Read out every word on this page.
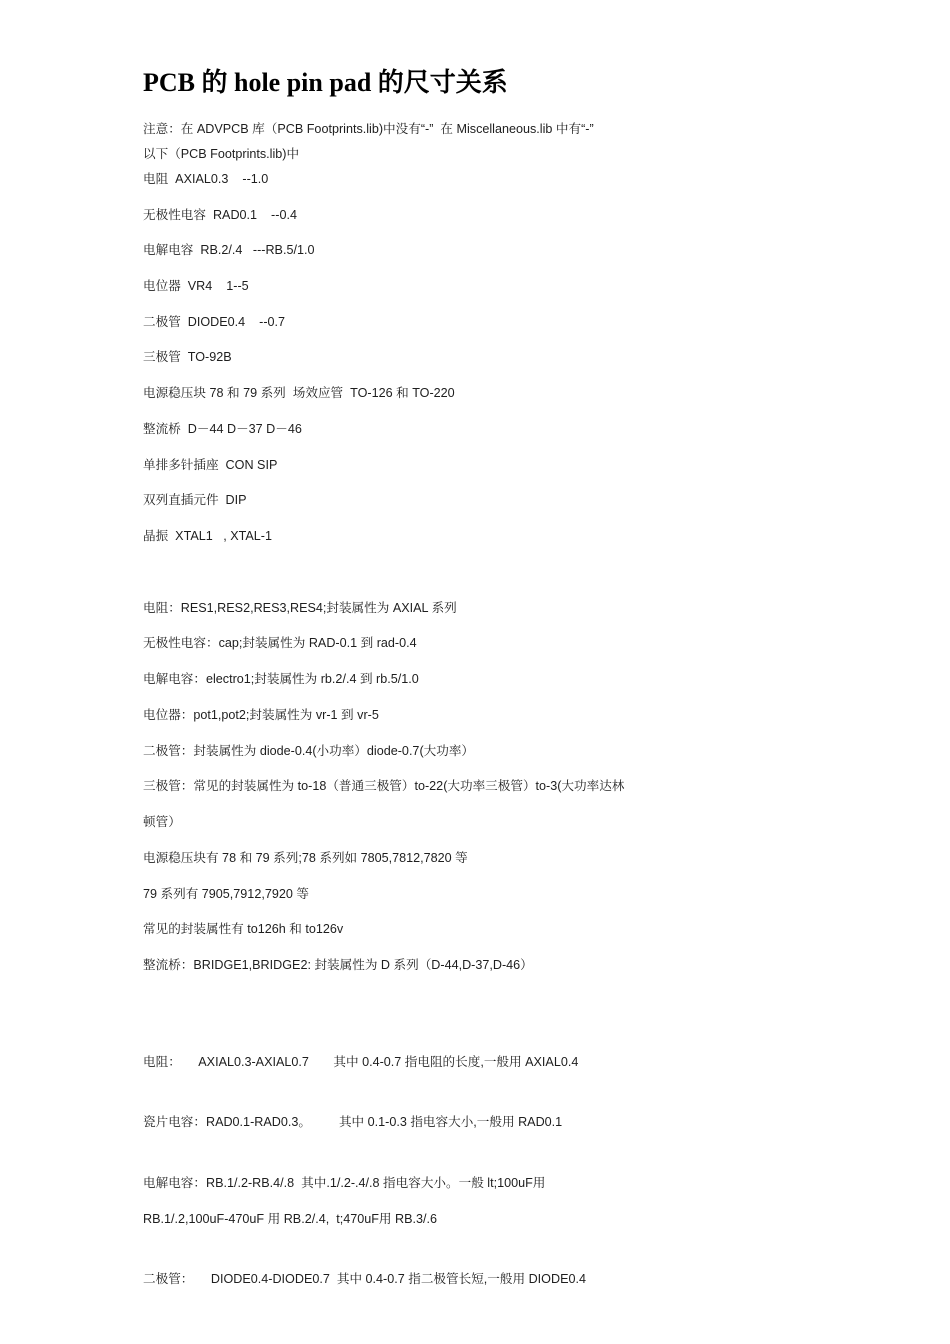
PCB 的 hole pin pad 的尺寸关系
注意：在 ADVPCB 库（PCB Footprints.lib)中没有“-”  在 Miscellaneous.lib 中有“-”
以下（PCB Footprints.lib)中
电阻  AXIAL0.3    --1.0
无极性电容  RAD0.1    --0.4
电解电容  RB.2/.4   ---RB.5/1.0
电位器  VR4    1--5
二极管  DIODE0.4    --0.7
三极管  TO-92B
电源稳压块 78 和 79 系列  场效应管  TO-126 和 TO-220
整流桥  D－44 D－37 D－46
单排多针插座  CON SIP
双列直插元件  DIP
晶振  XTAL1   , XTAL-1
电阻：RES1,RES2,RES3,RES4;封装属性为 AXIAL 系列
无极性电容：cap;封装属性为 RAD-0.1 到 rad-0.4
电解电容：electro1;封装属性为 rb.2/.4 到 rb.5/1.0
电位器：pot1,pot2;封装属性为 vr-1 到 vr-5
二极管：封装属性为 diode-0.4(小功率）diode-0.7(大功率）
三极管：常见的封装属性为 to-18（普通三极管）to-22(大功率三极管）to-3(大功率达林
顿管）
电源稳压块有 78 和 79 系列;78 系列如 7805,7812,7820 等
79 系列有 7905,7912,7920 等
常见的封装属性有 to126h 和 to126v
整流桥：BRIDGE1,BRIDGE2: 封装属性为 D 系列（D-44,D-37,D-46）
电阻：     AXIAL0.3-AXIAL0.7       其中 0.4-0.7 指电阻的长度,一般用 AXIAL0.4
瓷片电容：RAD0.1-RAD0.3。        其中 0.1-0.3 指电容大小,一般用 RAD0.1
电解电容：RB.1/.2-RB.4/.8  其中.1/.2-.4/.8 指电容大小。一般 lt;100uF用
RB.1/.2,100uF-470uF 用 RB.2/.4,  t;470uF用 RB.3/.6
二极管：     DIODE0.4-DIODE0.7  其中 0.4-0.7 指二极管长短,一般用 DIODE0.4
